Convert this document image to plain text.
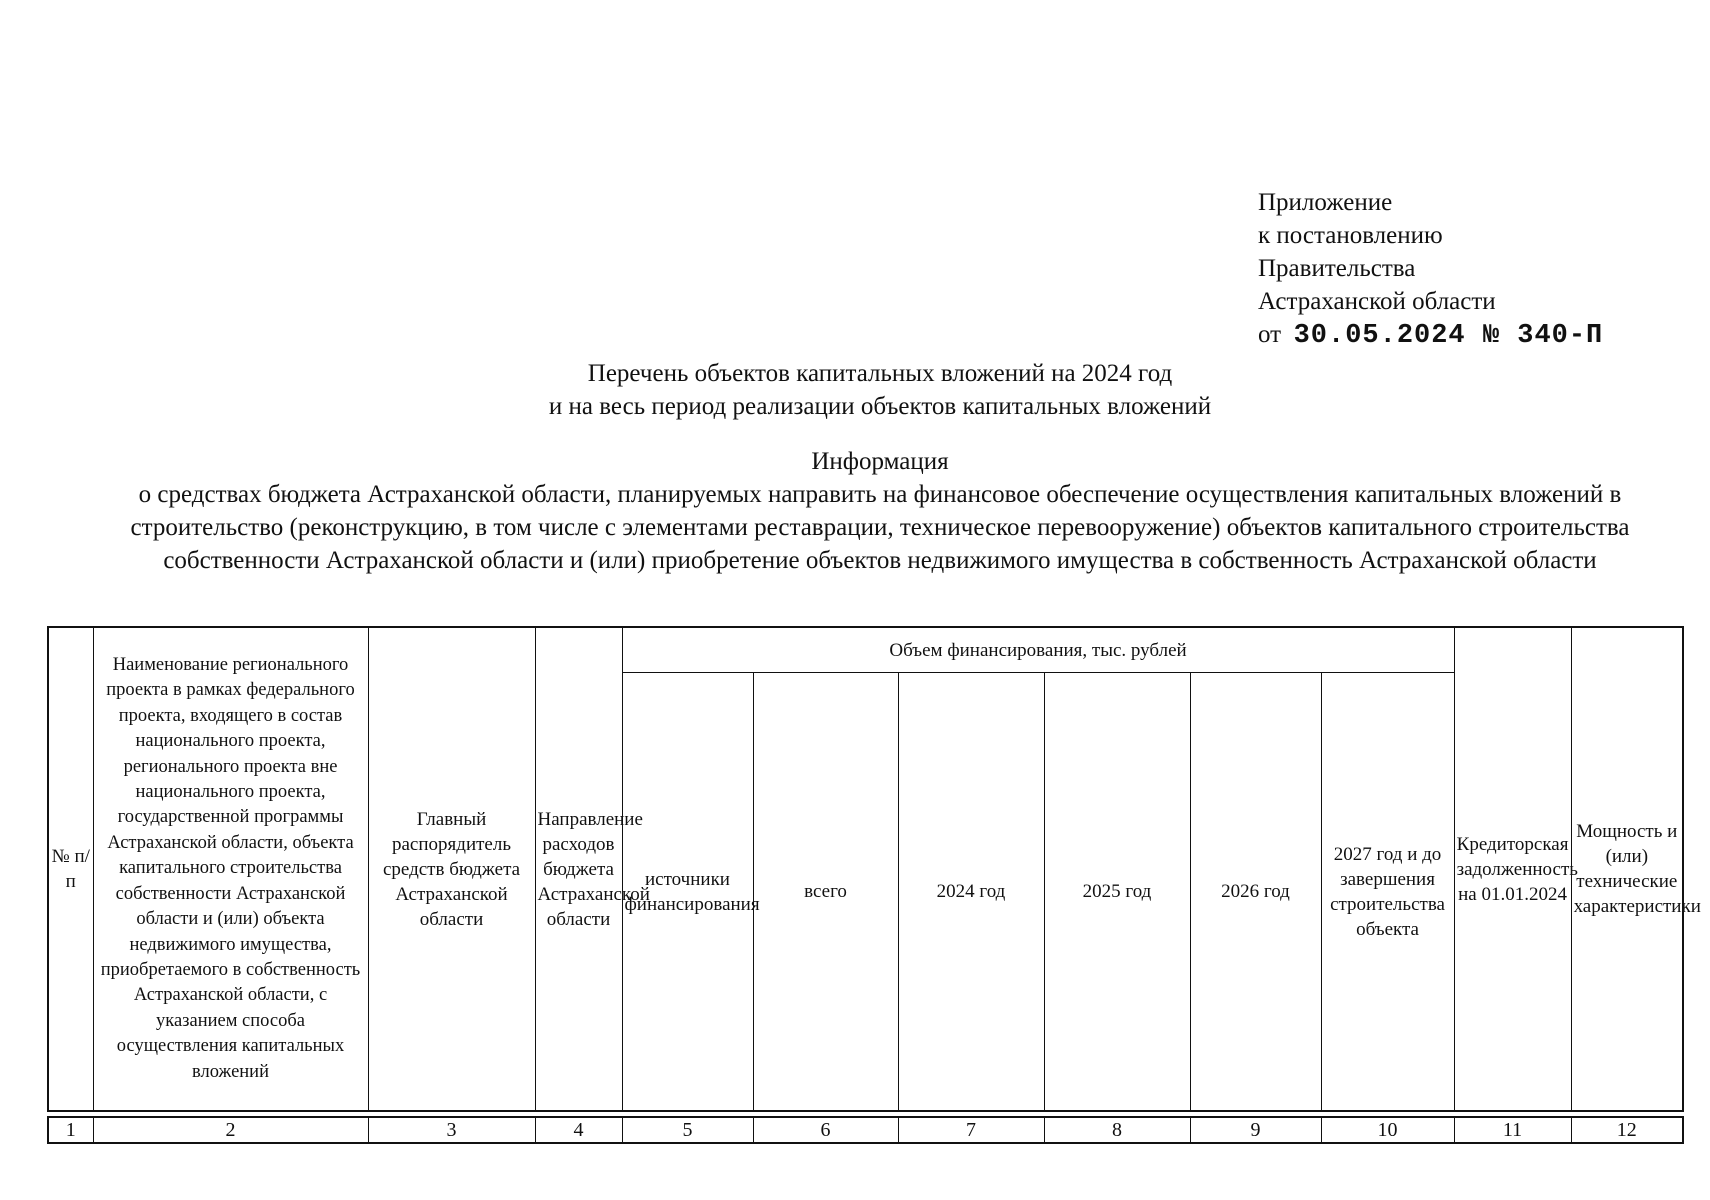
Приложение
к постановлению
Правительства
Астраханской области
от 30.05.2024 № 340-П
Перечень объектов капитальных вложений на 2024 год
и на весь период реализации объектов капитальных вложений
Информация
о средствах бюджета Астраханской области, планируемых направить на финансовое обеспечение осуществления капитальных вложений в строительство (реконструкцию, в том числе с элементами реставрации, техническое перевооружение) объектов капитального строительства собственности Астраханской области и (или) приобретение объектов недвижимого имущества в собственность Астраханской области
№ п/п	Наименование регионального проекта в рамках федерального проекта, входящего в состав национального проекта, регионального проекта вне национального проекта, государственной программы Астраханской области, объекта капитального строительства собственности Астраханской области и (или) объекта недвижимого имущества, приобретаемого в собственность Астраханской области, с указанием способа осуществления капитальных вложений	Главный распорядитель средств бюджета Астраханской области	Направление расходов бюджета Астраханской области	Объем финансирования, тыс. рублей						Кредиторская задолженность на 01.01.2024	Мощность и (или) технические характеристики
				источники финансирования	всего	2024 год	2025 год	2026 год	2027 год и до завершения строительства объекта		
1	2	3	4	5	6	7	8	9	10	11	12
